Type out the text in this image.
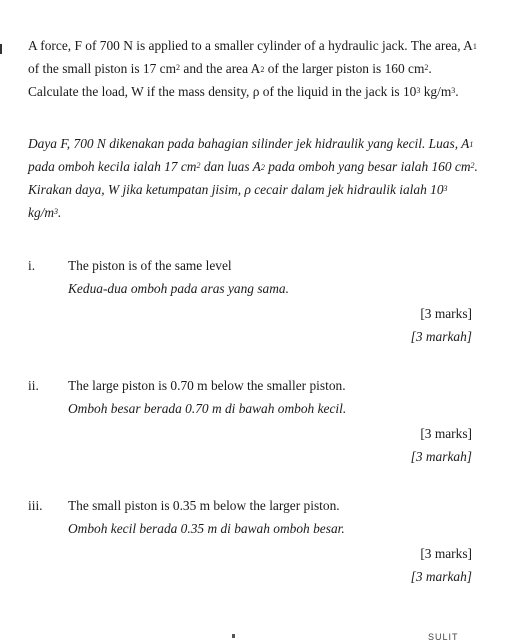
A force, F of 700 N is applied to a smaller cylinder of a hydraulic jack. The area, $A_1$ of the small piston is 17 $cm^2$ and the area $A_2$ of the larger piston is 160 $cm^2$. Calculate the load, W if the mass density, ρ of the liquid in the jack is $10^3$ $kg/m^3$.

Daya F, 700 N dikenakan pada bahagian silinder jek hidraulik yang kecil. Luas, $A_1$ pada omboh kecila ialah 17 $cm^2$ dan luas $A_2$ pada omboh yang besar ialah 160 $cm^2$. Kirakan daya, W jika ketumpatan jisim, ρ cecair dalam jek hidraulik ialah $10^3$ $kg/m^3$.

i.	The piston is of the same level
Kedua-dua omboh pada aras yang sama.
[3 marks]
[3 markah]
ii.	The large piston is 0.70 m below the smaller piston.
Omboh besar berada 0.70 m di bawah omboh kecil.
[3 marks]
[3 markah]
iii.	The small piston is 0.35 m below the larger piston.
Omboh kecil berada 0.35 m di bawah omboh besar.
[3 marks]
[3 markah]
SULIT
